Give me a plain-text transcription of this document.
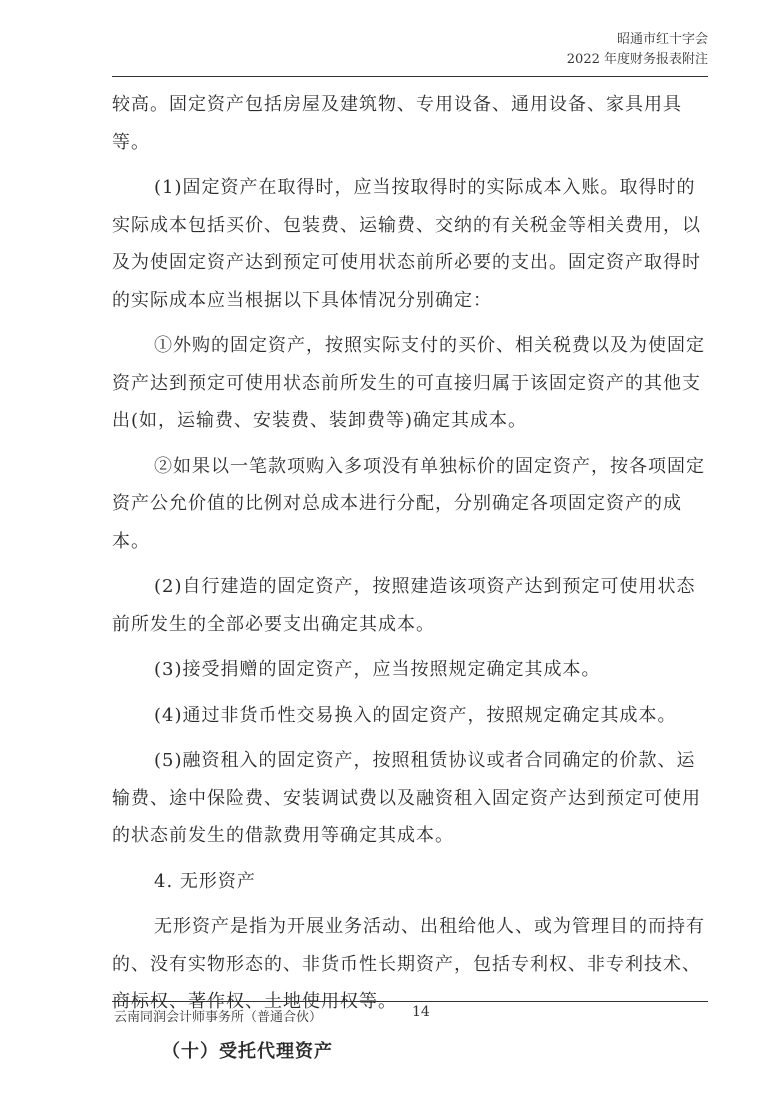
昭通市红十字会
2022 年度财务报表附注

较高。固定资产包括房屋及建筑物、专用设备、通用设备、家具用具等。

(1)固定资产在取得时，应当按取得时的实际成本入账。取得时的实际成本包括买价、包装费、运输费、交纳的有关税金等相关费用，以及为使固定资产达到预定可使用状态前所必要的支出。固定资产取得时的实际成本应当根据以下具体情况分别确定：

①外购的固定资产，按照实际支付的买价、相关税费以及为使固定资产达到预定可使用状态前所发生的可直接归属于该固定资产的其他支出(如，运输费、安装费、装卸费等)确定其成本。

②如果以一笔款项购入多项没有单独标价的固定资产，按各项固定资产公允价值的比例对总成本进行分配，分别确定各项固定资产的成本。

(2)自行建造的固定资产，按照建造该项资产达到预定可使用状态前所发生的全部必要支出确定其成本。

(3)接受捐赠的固定资产，应当按照规定确定其成本。

(4)通过非货币性交易换入的固定资产，按照规定确定其成本。

(5)融资租入的固定资产，按照租赁协议或者合同确定的价款、运输费、途中保险费、安装调试费以及融资租入固定资产达到预定可使用的状态前发生的借款费用等确定其成本。

4. 无形资产

无形资产是指为开展业务活动、出租给他人、或为管理目的而持有的、没有实物形态的、非货币性长期资产，包括专利权、非专利技术、商标权、著作权、土地使用权等。

（十）受托代理资产

云南同润会计师事务所（普通合伙）	14
